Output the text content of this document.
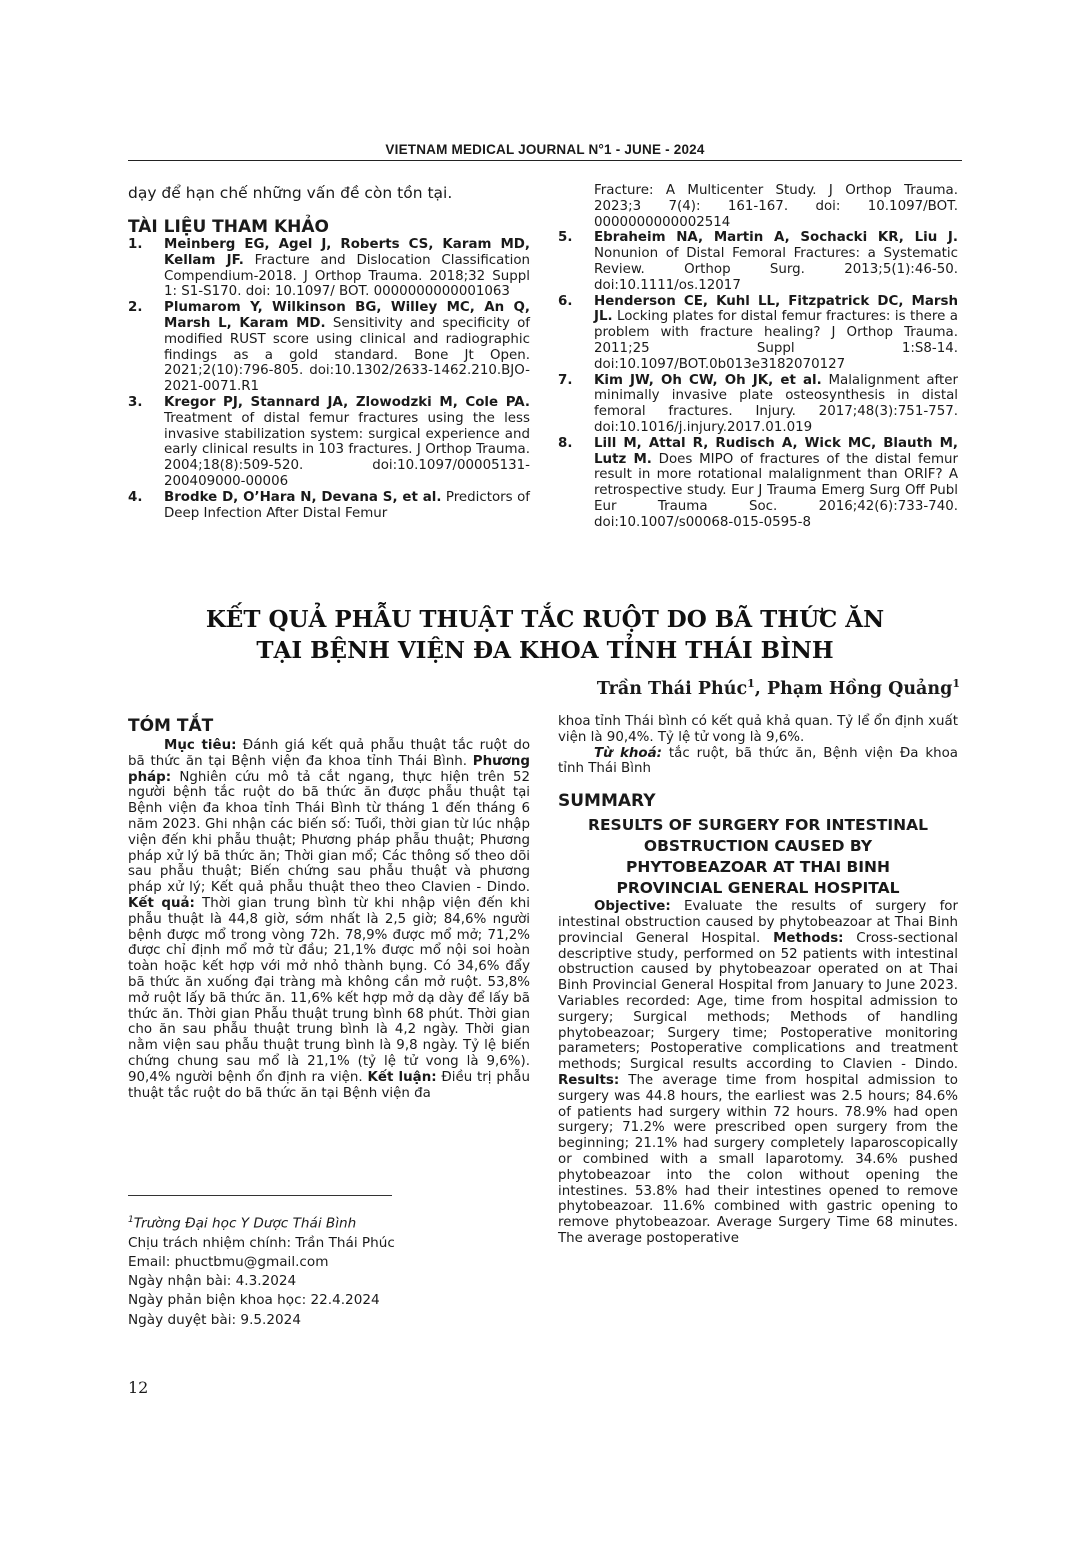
VIETNAM MEDICAL JOURNAL N°1 - JUNE - 2024
dạy để hạn chế những vấn đề còn tồn tại.
TÀI LIỆU THAM KHẢO
1. Meinberg EG, Agel J, Roberts CS, Karam MD, Kellam JF. Fracture and Dislocation Classification Compendium-2018. J Orthop Trauma. 2018;32 Suppl 1: S1-S170. doi: 10.1097/ BOT. 0000000000001063
2. Plumarom Y, Wilkinson BG, Willey MC, An Q, Marsh L, Karam MD. Sensitivity and specificity of modified RUST score using clinical and radiographic findings as a gold standard. Bone Jt Open. 2021;2(10):796-805. doi:10.1302/2633-1462.210.BJO-2021-0071.R1
3. Kregor PJ, Stannard JA, Zlowodzki M, Cole PA. Treatment of distal femur fractures using the less invasive stabilization system: surgical experience and early clinical results in 103 fractures. J Orthop Trauma. 2004;18(8):509-520. doi:10.1097/00005131-200409000-00006
4. Brodke D, O’Hara N, Devana S, et al. Predictors of Deep Infection After Distal Femur
Fracture: A Multicenter Study. J Orthop Trauma. 2023;3 7(4): 161-167. doi: 10.1097/BOT. 0000000000002514
5. Ebraheim NA, Martin A, Sochacki KR, Liu J. Nonunion of Distal Femoral Fractures: a Systematic Review. Orthop Surg. 2013;5(1):46-50. doi:10.1111/os.12017
6. Henderson CE, Kuhl LL, Fitzpatrick DC, Marsh JL. Locking plates for distal femur fractures: is there a problem with fracture healing? J Orthop Trauma. 2011;25 Suppl 1:S8-14. doi:10.1097/BOT.0b013e3182070127
7. Kim JW, Oh CW, Oh JK, et al. Malalignment after minimally invasive plate osteosynthesis in distal femoral fractures. Injury. 2017;48(3):751-757. doi:10.1016/j.injury.2017.01.019
8. Lill M, Attal R, Rudisch A, Wick MC, Blauth M, Lutz M. Does MIPO of fractures of the distal femur result in more rotational malalignment than ORIF? A retrospective study. Eur J Trauma Emerg Surg Off Publ Eur Trauma Soc. 2016;42(6):733-740. doi:10.1007/s00068-015-0595-8
KẾT QUẢ PHẪU THUẬT TẮC RUỘT DO BÃ THỨC ĂN
TẠI BỆNH VIỆN ĐA KHOA TỈNH THÁI BÌNH
Trần Thái Phúc$^1$, Phạm Hồng Quảng$^1$
TÓM TẮT

Mục tiêu: Đánh giá kết quả phẫu thuật tắc ruột do bã thức ăn tại Bệnh viện đa khoa tỉnh Thái Bình. Phương pháp: Nghiên cứu mô tả cắt ngang, thực hiện trên 52 người bệnh tắc ruột do bã thức ăn được phẫu thuật tại Bệnh viện đa khoa tỉnh Thái Bình từ tháng 1 đến tháng 6 năm 2023. Ghi nhận các biến số: Tuổi, thời gian từ lúc nhập viện đến khi phẫu thuật; Phương pháp phẫu thuật; Phương pháp xử lý bã thức ăn; Thời gian mổ; Các thông số theo dõi sau phẫu thuật; Biến chứng sau phẫu thuật và phương pháp xử lý; Kết quả phẫu thuật theo theo Clavien - Dindo. Kết quả: Thời gian trung bình từ khi nhập viện đến khi phẫu thuật là 44,8 giờ, sớm nhất là 2,5 giờ; 84,6% người bệnh được mổ trong vòng 72h. 78,9% được mổ mở; 71,2% được chỉ định mổ mở từ đầu; 21,1% được mổ nội soi hoàn toàn hoặc kết hợp với mở nhỏ thành bụng. Có 34,6% đẩy bã thức ăn xuống đại tràng mà không cần mở ruột. 53,8% mở ruột lấy bã thức ăn. 11,6% kết hợp mở dạ dày để lấy bã thức ăn. Thời gian Phẫu thuật trung bình 68 phút. Thời gian cho ăn sau phẫu thuật trung bình là 4,2 ngày. Thời gian nằm viện sau phẫu thuật trung bình là 9,8 ngày. Tỷ lệ biến chứng chung sau mổ là 21,1% (tỷ lệ tử vong là 9,6%). 90,4% người bệnh ổn định ra viện. Kết luận: Điều trị phẫu thuật tắc ruột do bã thức ăn tại Bệnh viện đa

khoa tỉnh Thái bình có kết quả khả quan. Tỷ lể ổn định xuất viện là 90,4%. Tỷ lệ tử vong là 9,6%.

Từ khoá: tắc ruột, bã thức ăn, Bệnh viện Đa khoa tỉnh Thái Bình

SUMMARY
RESULTS OF SURGERY FOR INTESTINAL
OBSTRUCTION CAUSED BY
PHYTOBEAZOAR AT THAI BINH
PROVINCIAL GENERAL HOSPITAL

Objective: Evaluate the results of surgery for intestinal obstruction caused by phytobeazoar at Thai Binh provincial General Hospital. Methods: Cross-sectional descriptive study, performed on 52 patients with intestinal obstruction caused by phytobeazoar operated on at Thai Binh Provincial General Hospital from January to June 2023. Variables recorded: Age, time from hospital admission to surgery; Surgical methods; Methods of handling phytobeazoar; Surgery time; Postoperative monitoring parameters; Postoperative complications and treatment methods; Surgical results according to Clavien - Dindo. Results: The average time from hospital admission to surgery was 44.8 hours, the earliest was 2.5 hours; 84.6% of patients had surgery within 72 hours. 78.9% had open surgery; 71.2% were prescribed open surgery from the beginning; 21.1% had surgery completely laparoscopically or combined with a small laparotomy. 34.6% pushed phytobeazoar into the colon without opening the intestines. 53.8% had their intestines opened to remove phytobeazoar. 11.6% combined with gastric opening to remove phytobeazoar. Average Surgery Time 68 minutes. The average postoperative

$^1$Trường Đại học Y Dược Thái Bình
Chịu trách nhiệm chính: Trần Thái Phúc
Email: phuctbmu@gmail.com
Ngày nhận bài: 4.3.2024
Ngày phản biện khoa học: 22.4.2024
Ngày duyệt bài: 9.5.2024
12
